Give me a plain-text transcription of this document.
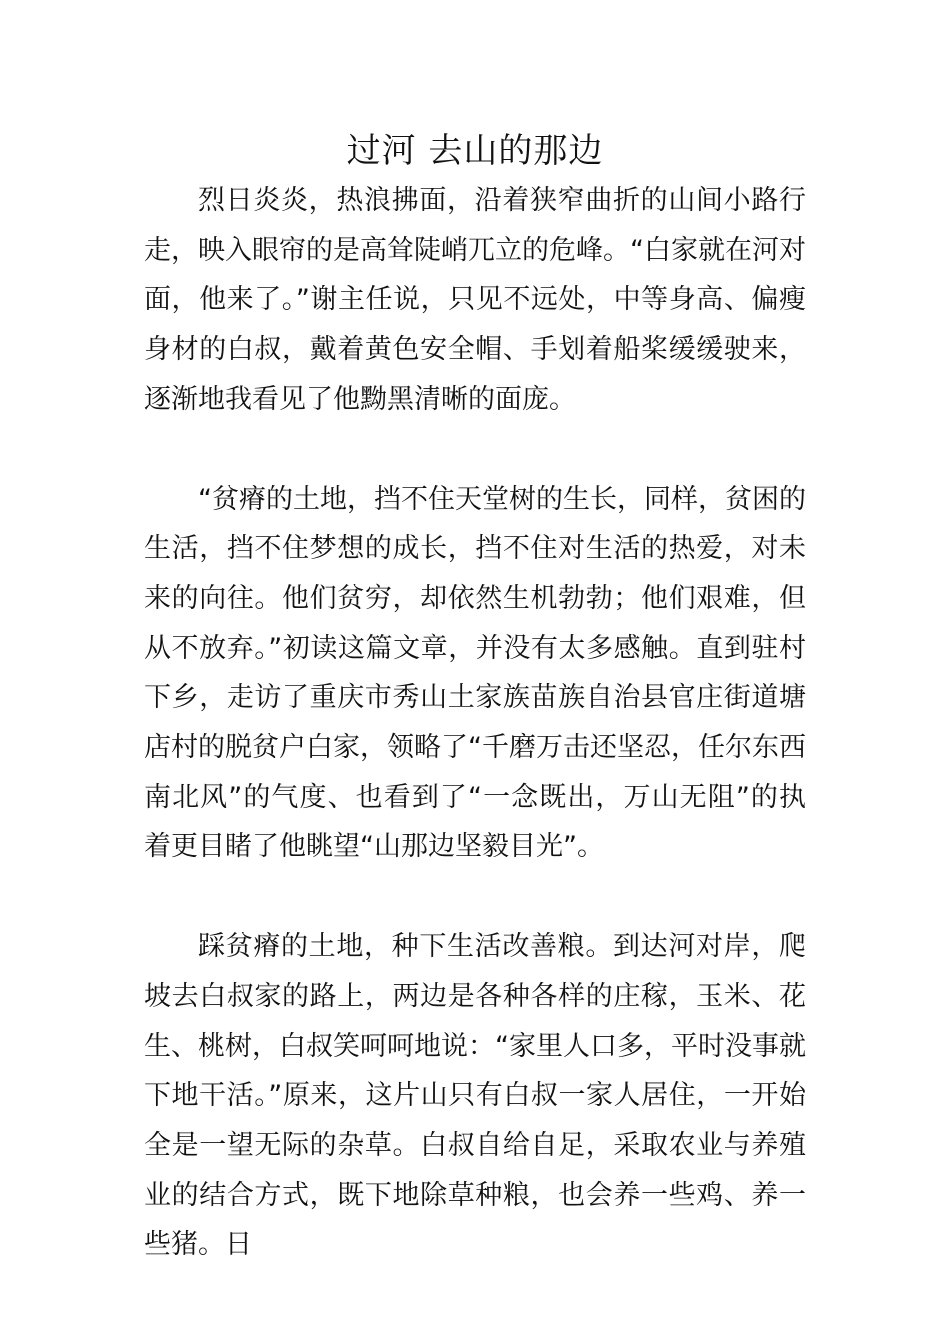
过河 去山的那边

烈日炎炎，热浪拂面，沿着狭窄曲折的山间小路行走，映入眼帘的是高耸陡峭兀立的危峰。“白家就在河对面，他来了。”谢主任说，只见不远处，中等身高、偏瘦身材的白叔，戴着黄色安全帽、手划着船桨缓缓驶来，逐渐地我看见了他黝黑清晰的面庞。

“贫瘠的土地，挡不住天堂树的生长，同样，贫困的生活，挡不住梦想的成长，挡不住对生活的热爱，对未来的向往。他们贫穷，却依然生机勃勃；他们艰难，但从不放弃。”初读这篇文章，并没有太多感触。直到驻村下乡，走访了重庆市秀山土家族苗族自治县官庄街道塘店村的脱贫户白家，领略了“千磨万击还坚忍，任尔东西南北风”的气度、也看到了“一念既出，万山无阻”的执着更目睹了他眺望“山那边坚毅目光”。

踩贫瘠的土地，种下生活改善粮。到达河对岸，爬坡去白叔家的路上，两边是各种各样的庄稼，玉米、花生、桃树，白叔笑呵呵地说：“家里人口多，平时没事就下地干活。”原来，这片山只有白叔一家人居住，一开始全是一望无际的杂草。白叔自给自足，采取农业与养殖业的结合方式，既下地除草种粮，也会养一些鸡、养一些猪。日
